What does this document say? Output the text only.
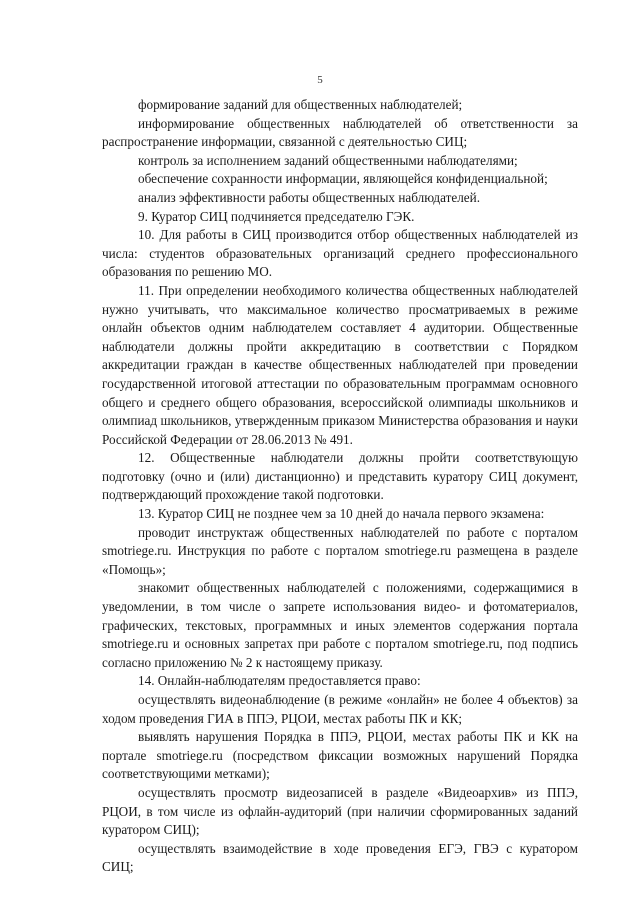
5

формирование заданий для общественных наблюдателей;

информирование общественных наблюдателей об ответственности за распространение информации, связанной с деятельностью СИЦ;

контроль за исполнением заданий общественными наблюдателями;

обеспечение сохранности информации, являющейся конфиденциальной;

анализ эффективности работы общественных наблюдателей.

9. Куратор СИЦ подчиняется председателю ГЭК.

10. Для работы в СИЦ производится отбор общественных наблюдателей из числа: студентов образовательных организаций среднего профессионального образования по решению МО.

11. При определении необходимого количества общественных наблюдателей нужно учитывать, что максимальное количество просматриваемых в режиме онлайн объектов одним наблюдателем составляет 4 аудитории. Общественные наблюдатели должны пройти аккредитацию в соответствии с Порядком аккредитации граждан в качестве общественных наблюдателей при проведении государственной итоговой аттестации по образовательным программам основного общего и среднего общего образования, всероссийской олимпиады школьников и олимпиад школьников, утвержденным приказом Министерства образования и науки Российской Федерации от 28.06.2013 № 491.

12. Общественные наблюдатели должны пройти соответствующую подготовку (очно и (или) дистанционно) и представить куратору СИЦ документ, подтверждающий прохождение такой подготовки.

13. Куратор СИЦ не позднее чем за 10 дней до начала первого экзамена:

проводит инструктаж общественных наблюдателей по работе с порталом smotriege.ru. Инструкция по работе с порталом smotriege.ru размещена в разделе «Помощь»;

знакомит общественных наблюдателей с положениями, содержащимися в уведомлении, в том числе о запрете использования видео- и фотоматериалов, графических, текстовых, программных и иных элементов содержания портала smotriege.ru и основных запретах при работе с порталом smotriege.ru, под подпись согласно приложению № 2 к настоящему приказу.

14. Онлайн-наблюдателям предоставляется право:

осуществлять видеонаблюдение (в режиме «онлайн» не более 4 объектов) за ходом проведения ГИА в ППЭ, РЦОИ, местах работы ПК и КК;

выявлять нарушения Порядка в ППЭ, РЦОИ, местах работы ПК и КК на портале smotriege.ru (посредством фиксации возможных нарушений Порядка соответствующими метками);

осуществлять просмотр видеозаписей в разделе «Видеоархив» из ППЭ, РЦОИ, в том числе из офлайн-аудиторий (при наличии сформированных заданий куратором СИЦ);

осуществлять взаимодействие в ходе проведения ЕГЭ, ГВЭ с куратором СИЦ;
